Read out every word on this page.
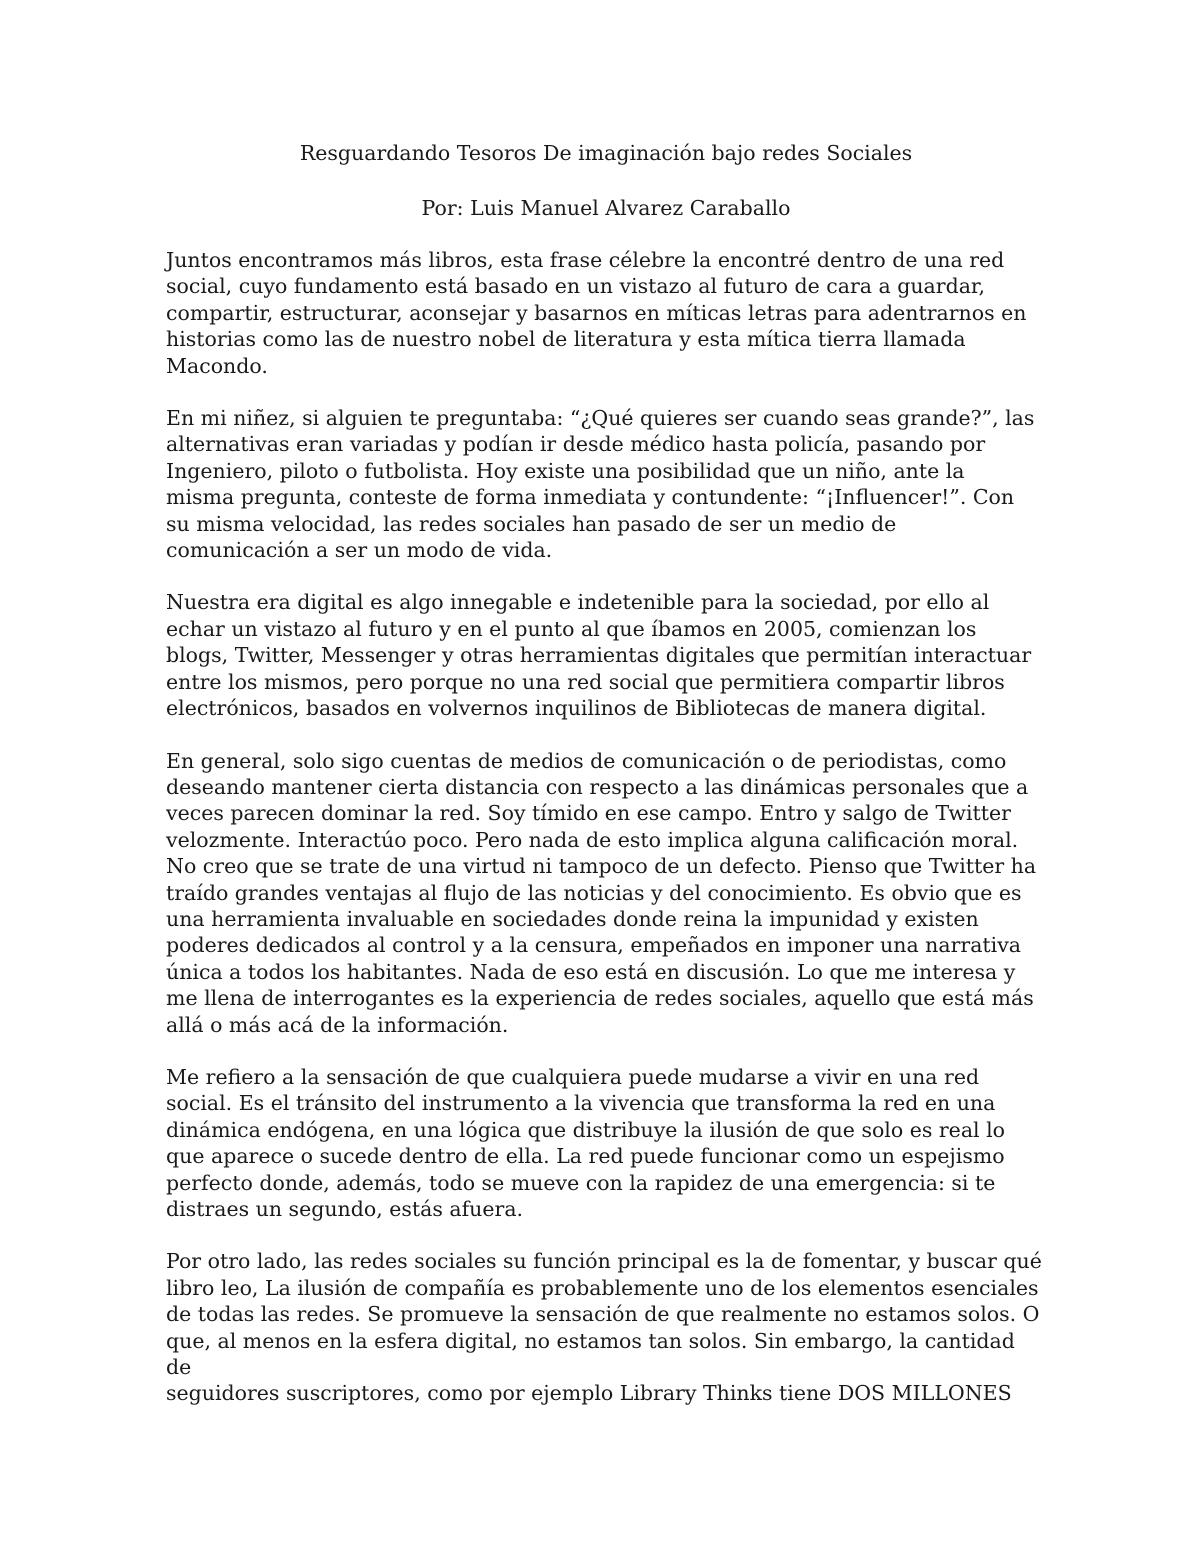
Resguardando Tesoros De imaginación bajo redes Sociales

Por: Luis Manuel Alvarez Caraballo

Juntos encontramos más libros, esta frase célebre la encontré dentro de una red
social, cuyo fundamento está basado en un vistazo al futuro de cara a guardar,
compartir, estructurar, aconsejar y basarnos en míticas letras para adentrarnos en
historias como las de nuestro nobel de literatura y esta mítica tierra llamada
Macondo.

En mi niñez, si alguien te preguntaba: “¿Qué quieres ser cuando seas grande?”, las
alternativas eran variadas y podían ir desde médico hasta policía, pasando por
Ingeniero, piloto o futbolista. Hoy existe una posibilidad que un niño, ante la
misma pregunta, conteste de forma inmediata y contundente: “¡Influencer!”. Con
su misma velocidad, las redes sociales han pasado de ser un medio de
comunicación a ser un modo de vida.

Nuestra era digital es algo innegable e indetenible para la sociedad, por ello al
echar un vistazo al futuro y en el punto al que íbamos en 2005, comienzan los
blogs, Twitter, Messenger y otras herramientas digitales que permitían interactuar
entre los mismos, pero porque no una red social que permitiera compartir libros
electrónicos, basados en volvernos inquilinos de Bibliotecas de manera digital.

En general, solo sigo cuentas de medios de comunicación o de periodistas, como
deseando mantener cierta distancia con respecto a las dinámicas personales que a
veces parecen dominar la red. Soy tímido en ese campo. Entro y salgo de Twitter
velozmente. Interactúo poco. Pero nada de esto implica alguna calificación moral.
No creo que se trate de una virtud ni tampoco de un defecto. Pienso que Twitter ha
traído grandes ventajas al flujo de las noticias y del conocimiento. Es obvio que es
una herramienta invaluable en sociedades donde reina la impunidad y existen
poderes dedicados al control y a la censura, empeñados en imponer una narrativa
única a todos los habitantes. Nada de eso está en discusión. Lo que me interesa y
me llena de interrogantes es la experiencia de redes sociales, aquello que está más
allá o más acá de la información.

Me refiero a la sensación de que cualquiera puede mudarse a vivir en una red
social. Es el tránsito del instrumento a la vivencia que transforma la red en una
dinámica endógena, en una lógica que distribuye la ilusión de que solo es real lo
que aparece o sucede dentro de ella. La red puede funcionar como un espejismo
perfecto donde, además, todo se mueve con la rapidez de una emergencia: si te
distraes un segundo, estás afuera.

Por otro lado, las redes sociales su función principal es la de fomentar, y buscar qué
libro leo, La ilusión de compañía es probablemente uno de los elementos esenciales
de todas las redes. Se promueve la sensación de que realmente no estamos solos. O
que, al menos en la esfera digital, no estamos tan solos. Sin embargo, la cantidad de
seguidores suscriptores, como por ejemplo Library Thinks tiene DOS MILLONES
